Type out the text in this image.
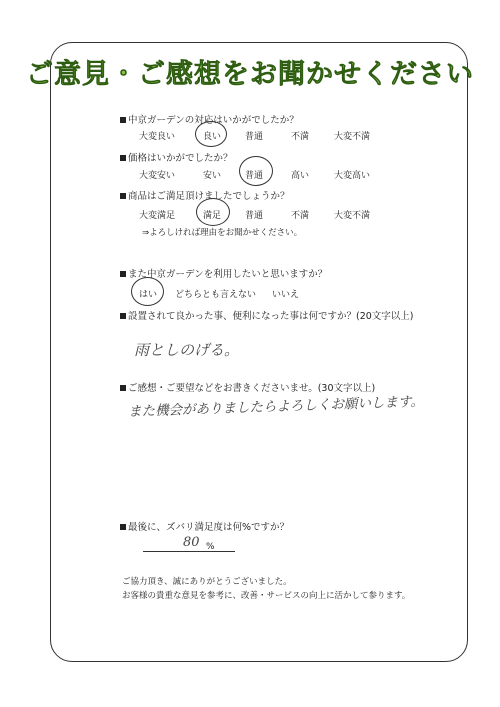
ご意見・ご感想をお聞かせください
中京ガーデンの対応はいかがでしたか？
大変良い	良い	普通	不満	大変不満
価格はいかがでしたか？
大変安い	安い	普通	高い	大変高い
商品はご満足頂けましたでしょうか？
大変満足	満足	普通	不満	大変不満
⇒よろしければ理由をお聞かせください。
また中京ガーデンを利用したいと思いますか？
はい どちらとも言えない いいえ
設置されて良かった事、便利になった事は何ですか？(20文字以上)
雨としのげる。
ご感想・ご要望などをお書きくださいませ。(30文字以上)
また機会がありましたらよろしくお願いします。
最後に、ズバリ満足度は何%ですか？
80 %
ご協力頂き、誠にありがとうございました。
お客様の貴重な意見を参考に、改善・サービスの向上に活かして参ります。
